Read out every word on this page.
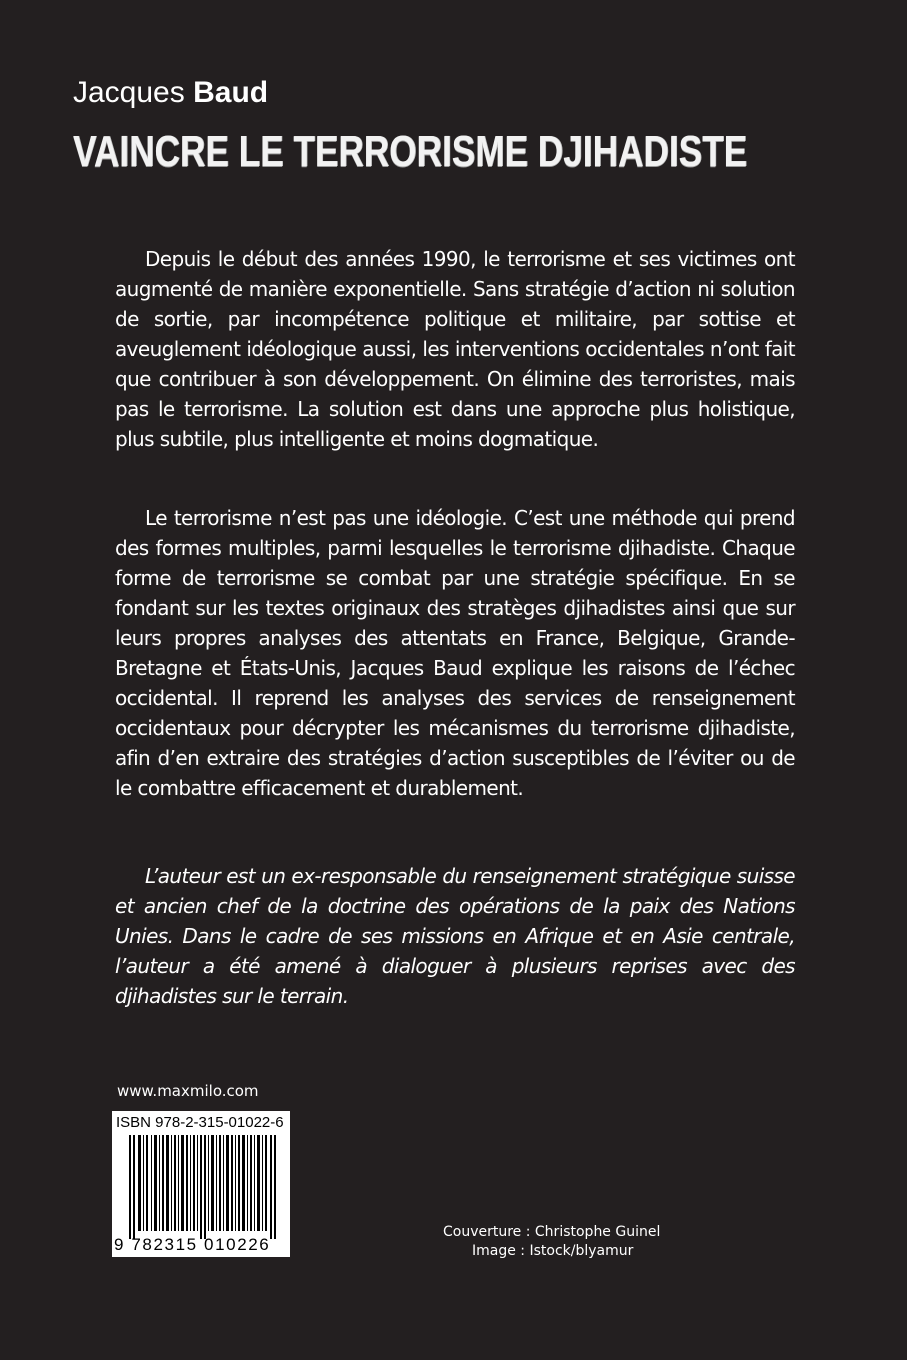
Jacques Baud
VAINCRE LE TERRORISME DJIHADISTE

Depuis le début des années 1990, le terrorisme et ses victimes ont augmenté de manière exponentielle. Sans stratégie d’action ni solution de sortie, par incompétence politique et militaire, par sottise et aveuglement idéologique aussi, les interventions occidentales n’ont fait que contribuer à son développement. On élimine des terroristes, mais pas le terrorisme. La solution est dans une approche plus holistique, plus subtile, plus intelligente et moins dogmatique.

Le terrorisme n’est pas une idéologie. C’est une méthode qui prend des formes multiples, parmi lesquelles le terrorisme djihadiste. Chaque forme de terrorisme se combat par une stratégie spécifique. En se fondant sur les textes originaux des stratèges djihadistes ainsi que sur leurs propres analyses des attentats en France, Belgique, Grande-Bretagne et États-Unis, Jacques Baud explique les raisons de l’échec occidental. Il reprend les analyses des services de renseignement occidentaux pour décrypter les mécanismes du terrorisme djihadiste, afin d’en extraire des stratégies d’action susceptibles de l’éviter ou de le combattre efficacement et durablement.

L’auteur est un ex-responsable du renseignement stratégique suisse et ancien chef de la doctrine des opérations de la paix des Nations Unies. Dans le cadre de ses missions en Afrique et en Asie centrale, l’auteur a été amené à dialoguer à plusieurs reprises avec des djihadistes sur le terrain.

www.maxmilo.com
ISBN 978-2-315-01022-6
9 782315 010226
Couverture : Christophe Guinel
Image : Istock/blyamur
